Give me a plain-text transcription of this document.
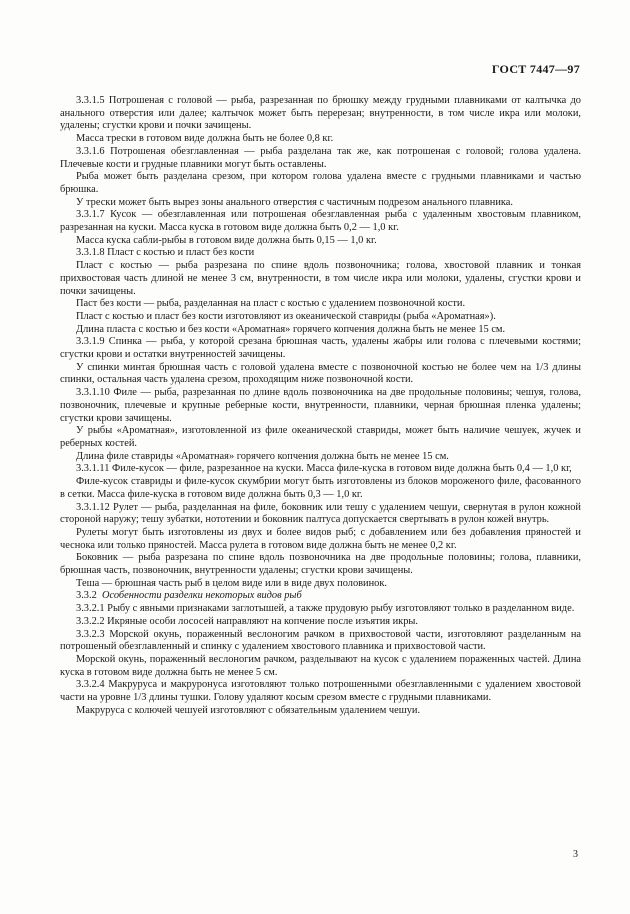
ГОСТ 7447—97

3.3.1.5 Потрошеная с головой — рыба, разрезанная по брюшку между грудными плавниками от калтычка до анального отверстия или далее; калтычок может быть перерезан; внутренности, в том числе икра или молоки, удалены; сгустки крови и почки зачищены.

Масса трески в готовом виде должна быть не более 0,8 кг.

3.3.1.6 Потрошеная обезглавленная — рыба разделана так же, как потрошеная с головой; голова удалена. Плечевые кости и грудные плавники могут быть оставлены.

Рыба может быть разделана срезом, при котором голова удалена вместе с грудными плавниками и частью брюшка.

У трески может быть вырез зоны анального отверстия с частичным подрезом анального плавника.

3.3.1.7 Кусок — обезглавленная или потрошеная обезглавленная рыба с удаленным хвостовым плавником, разрезанная на куски. Масса куска в готовом виде должна быть 0,2 — 1,0 кг.

Масса куска сабли-рыбы в готовом виде должна быть 0,15 — 1,0 кг.

3.3.1.8 Пласт с костью и пласт без кости

Пласт с костью — рыба разрезана по спине вдоль позвоночника; голова, хвостовой плавник и тонкая прихвостовая часть длиной не менее 3 см, внутренности, в том числе икра или молоки, удалены, сгустки крови и почки зачищены.

Паст без кости — рыба, разделанная на пласт с костью с удалением позвоночной кости.

Пласт с костью и пласт без кости изготовляют из океанической ставриды (рыба «Ароматная»).

Длина пласта с костью и без кости «Ароматная» горячего копчения должна быть не менее 15 см.

3.3.1.9 Спинка — рыба, у которой срезана брюшная часть, удалены жабры или голова с плечевыми костями; сгустки крови и остатки внутренностей зачищены.

У спинки минтая брюшная часть с головой удалена вместе с позвоночной костью не более чем на 1/3 длины спинки, остальная часть удалена срезом, проходящим ниже позвоночной кости.

3.3.1.10 Филе — рыба, разрезанная по длине вдоль позвоночника на две продольные половины; чешуя, голова, позвоночник, плечевые и крупные реберные кости, внутренности, плавники, черная брюшная пленка удалены; сгустки крови зачищены.

У рыбы «Ароматная», изготовленной из филе океанической ставриды, может быть наличие чешуек, жучек и реберных костей.

Длина филе ставриды «Ароматная» горячего копчения должна быть не менее 15 см.

3.3.1.11 Филе-кусок — филе, разрезанное на куски. Масса филе-куска в готовом виде должна быть 0,4 — 1,0 кг,

Филе-кусок ставриды и филе-кусок скумбрии могут быть изготовлены из блоков мороженого филе, фасованного в сетки. Масса филе-куска в готовом виде должна быть 0,3 — 1,0 кг.

3.3.1.12 Рулет — рыба, разделанная на филе, боковник или тешу с удалением чешуи, свернутая в рулон кожной стороной наружу; тешу зубатки, нототении и боковник палтуса допускается свертывать в рулон кожей внутрь.

Рулеты могут быть изготовлены из двух и более видов рыб; с добавлением или без добавления пряностей и чеснока или только пряностей. Масса рулета в готовом виде должна быть не менее 0,2 кг.

Боковник — рыба разрезана по спине вдоль позвоночника на две продольные половины; голова, плавники, брюшная часть, позвоночник, внутренности удалены; сгустки крови зачищены.

Теша — брюшная часть рыб в целом виде или в виде двух половинок.

3.3.2 Особенности разделки некоторых видов рыб

3.3.2.1 Рыбу с явными признаками заглотышей, а также прудовую рыбу изготовляют только в разделанном виде.

3.3.2.2 Икряные особи лососей направляют на копчение после изъятия икры.

3.3.2.3 Морской окунь, пораженный веслоногим рачком в прихвостовой части, изготовляют разделанным на потрошеный обезглавленный и спинку с удалением хвостового плавника и прихвостовой части.

Морской окунь, пораженный веслоногим рачком, разделывают на кусок с удалением пораженных частей. Длина куска в готовом виде должна быть не менее 5 см.

3.3.2.4 Макруруса и макруронуса изготовляют только потрошенными обезглавленными с удалением хвостовой части на уровне 1/3 длины тушки. Голову удаляют косым срезом вместе с грудными плавниками.

Макруруса с колючей чешуей изготовляют с обязательным удалением чешуи.

3
